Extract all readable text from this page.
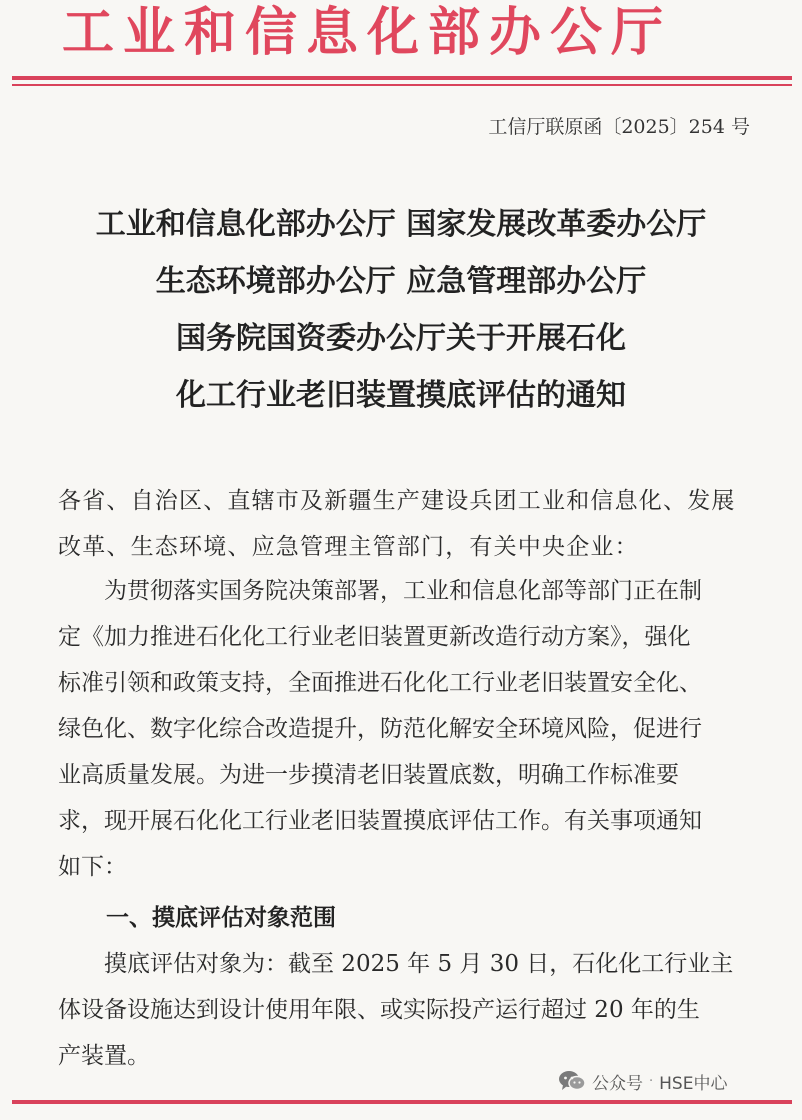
工业和信息化部办公厅
工信厅联原函〔2025〕254 号
工业和信息化部办公厅 国家发展改革委办公厅
生态环境部办公厅 应急管理部办公厅
国务院国资委办公厅关于开展石化
化工行业老旧装置摸底评估的通知
各省、自治区、直辖市及新疆生产建设兵团工业和信息化、发展改革、生态环境、应急管理主管部门，有关中央企业：
　　为贯彻落实国务院决策部署，工业和信息化部等部门正在制
定《加力推进石化化工行业老旧装置更新改造行动方案》，强化
标准引领和政策支持，全面推进石化化工行业老旧装置安全化、
绿色化、数字化综合改造提升，防范化解安全环境风险，促进行
业高质量发展。为进一步摸清老旧装置底数，明确工作标准要
求，现开展石化化工行业老旧装置摸底评估工作。有关事项通知
如下：
一、摸底评估对象范围
　　摸底评估对象为：截至 2025 年 5 月 30 日，石化化工行业主
体设备设施达到设计使用年限、或实际投产运行超过 20 年的生
产装置。
公众号 · HSE中心
